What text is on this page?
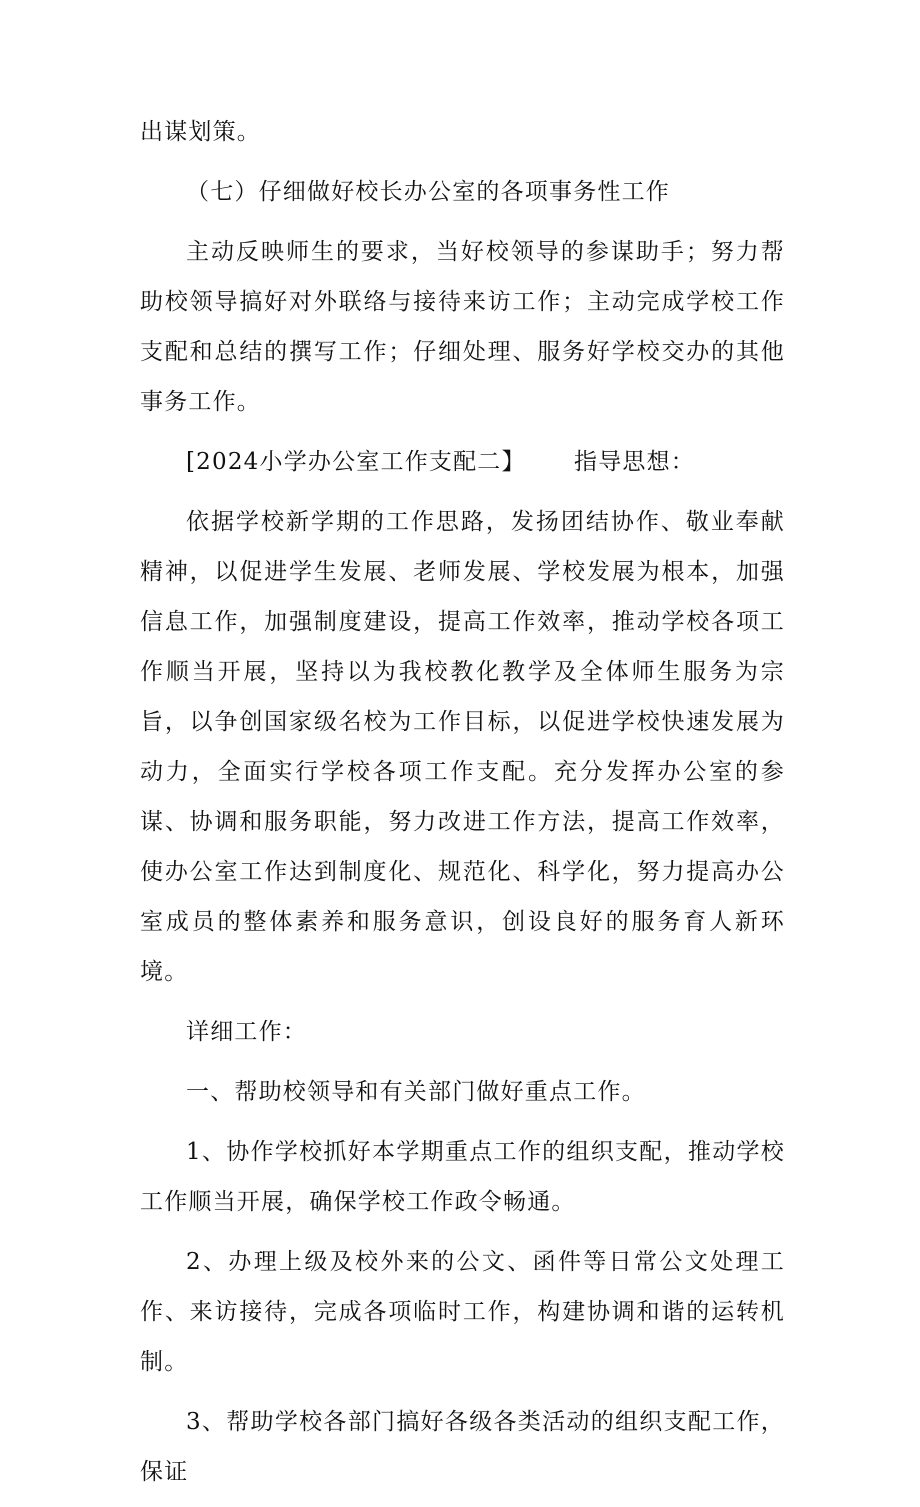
出谋划策。

（七）仔细做好校长办公室的各项事务性工作

主动反映师生的要求，当好校领导的参谋助手；努力帮助校领导搞好对外联络与接待来访工作；主动完成学校工作支配和总结的撰写工作；仔细处理、服务好学校交办的其他事务工作。

[2024小学办公室工作支配二】	指导思想：

依据学校新学期的工作思路，发扬团结协作、敬业奉献精神，以促进学生发展、老师发展、学校发展为根本，加强信息工作，加强制度建设，提高工作效率，推动学校各项工作顺当开展，坚持以为我校教化教学及全体师生服务为宗旨，以争创国家级名校为工作目标，以促进学校快速发展为动力，全面实行学校各项工作支配。充分发挥办公室的参谋、协调和服务职能，努力改进工作方法，提高工作效率，使办公室工作达到制度化、规范化、科学化，努力提高办公室成员的整体素养和服务意识，创设良好的服务育人新环境。

详细工作：

一、帮助校领导和有关部门做好重点工作。

1、协作学校抓好本学期重点工作的组织支配，推动学校工作顺当开展，确保学校工作政令畅通。

2、办理上级及校外来的公文、函件等日常公文处理工作、来访接待，完成各项临时工作，构建协调和谐的运转机制。

3、帮助学校各部门搞好各级各类活动的组织支配工作，保证
